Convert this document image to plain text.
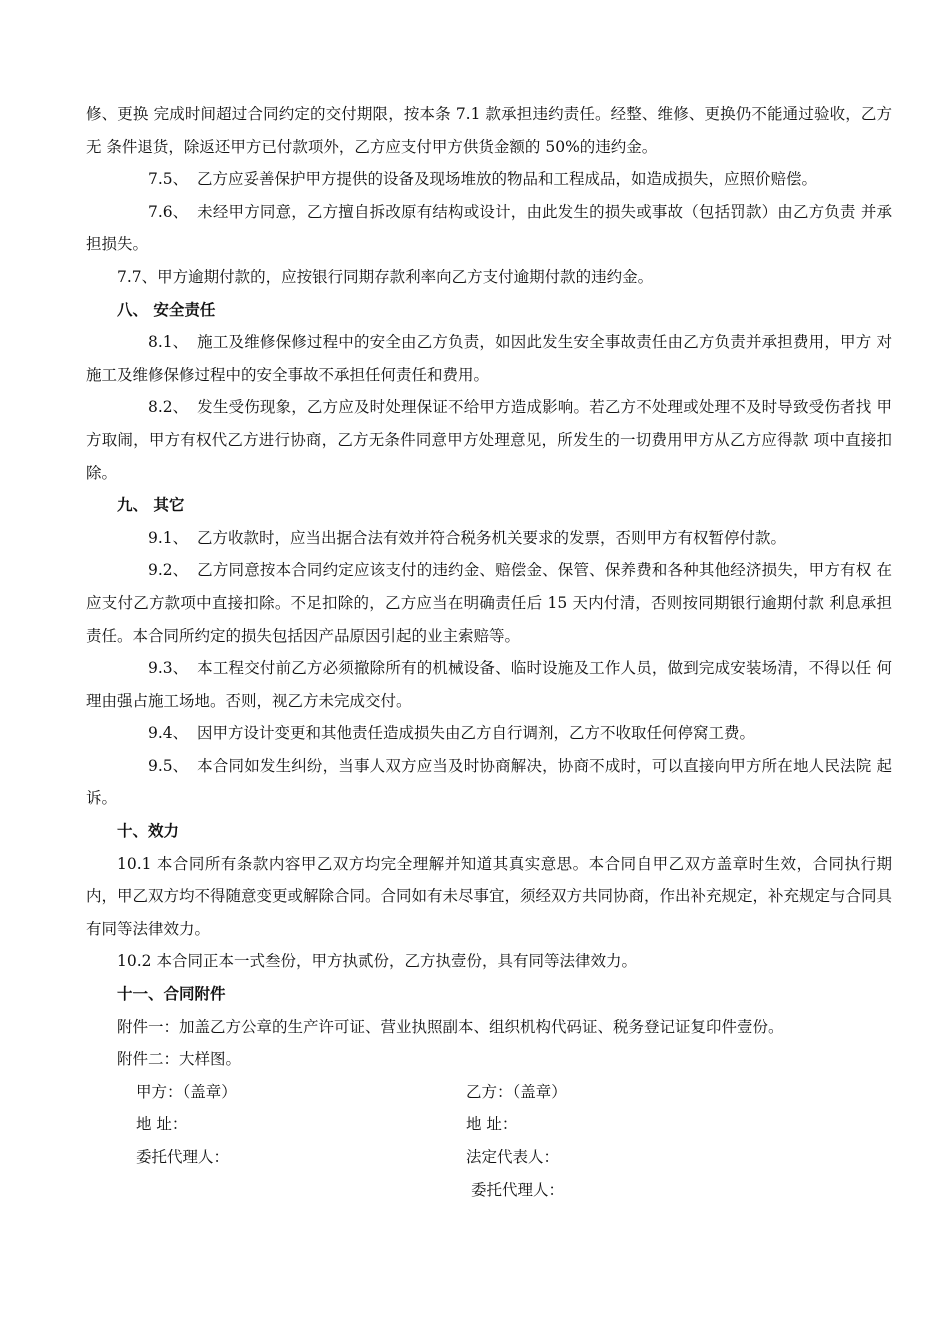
修、更换 完成时间超过合同约定的交付期限，按本条 7.1 款承担违约责任。经整、维修、更换仍不能通过验收，乙方无 条件退货，除返还甲方已付款项外，乙方应支付甲方供货金额的 50%的违约金。

7.5、 乙方应妥善保护甲方提供的设备及现场堆放的物品和工程成品，如造成损失，应照价赔偿。

7.6、 未经甲方同意，乙方擅自拆改原有结构或设计，由此发生的损失或事故（包括罚款）由乙方负责 并承担损失。

7.7、甲方逾期付款的，应按银行同期存款利率向乙方支付逾期付款的违约金。

八、 安全责任

8.1、 施工及维修保修过程中的安全由乙方负责，如因此发生安全事故责任由乙方负责并承担费用，甲方 对施工及维修保修过程中的安全事故不承担任何责任和费用。

8.2、 发生受伤现象，乙方应及时处理保证不给甲方造成影响。若乙方不处理或处理不及时导致受伤者找 甲方取闹，甲方有权代乙方进行协商，乙方无条件同意甲方处理意见，所发生的一切费用甲方从乙方应得款 项中直接扣除。

九、 其它

9.1、 乙方收款时，应当出据合法有效并符合税务机关要求的发票，否则甲方有权暂停付款。

9.2、 乙方同意按本合同约定应该支付的违约金、赔偿金、保管、保养费和各种其他经济损失，甲方有权 在应支付乙方款项中直接扣除。不足扣除的，乙方应当在明确责任后 15 天内付清，否则按同期银行逾期付款 利息承担责任。本合同所约定的损失包括因产品原因引起的业主索赔等。

9.3、 本工程交付前乙方必须撤除所有的机械设备、临时设施及工作人员，做到完成安装场清，不得以任 何理由强占施工场地。否则，视乙方未完成交付。

9.4、 因甲方设计变更和其他责任造成损失由乙方自行调剂，乙方不收取任何停窝工费。

9.5、 本合同如发生纠纷，当事人双方应当及时协商解决，协商不成时，可以直接向甲方所在地人民法院 起诉。

十、效力

10.1 本合同所有条款内容甲乙双方均完全理解并知道其真实意思。本合同自甲乙双方盖章时生效，合同执行期内，甲乙双方均不得随意变更或解除合同。合同如有未尽事宜，须经双方共同协商，作出补充规定，补充规定与合同具有同等法律效力。

10.2 本合同正本一式叁份，甲方执贰份，乙方执壹份，具有同等法律效力。

十一、合同附件

附件一：加盖乙方公章的生产许可证、营业执照副本、组织机构代码证、税务登记证复印件壹份。

附件二：大样图。

甲方：（盖章）
地 址：
委托代理人：
乙方：（盖章）
地 址：
法定代表人：
委托代理人：
